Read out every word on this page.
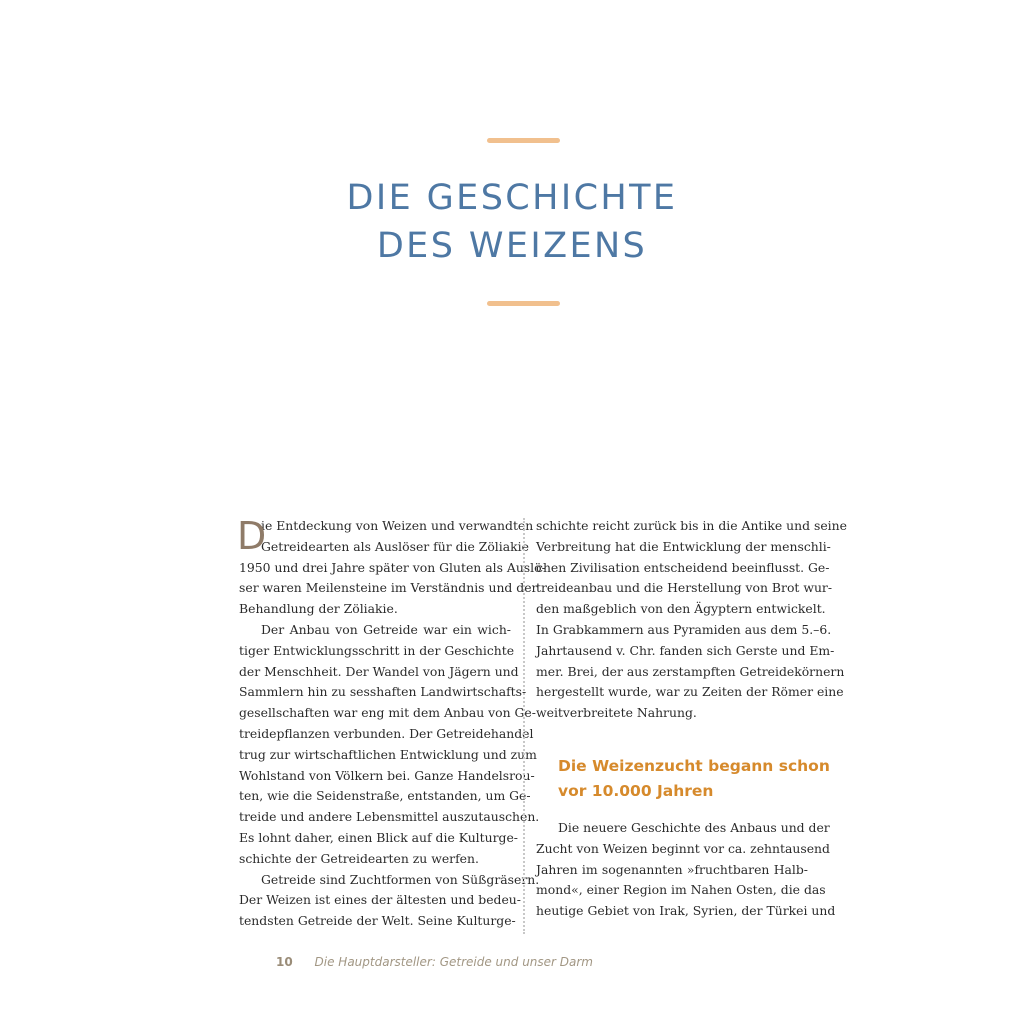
DIE GESCHICHTE
DES WEIZENS
D
ie Entdeckung von Weizen und verwandten
Getreidearten als Auslöser für die Zöliakie
1950 und drei Jahre später von Gluten als Auslö-
ser waren Meilensteine im Verständnis und der
Behandlung der Zöliakie.
Der Anbau von Getreide war ein wich-
tiger Entwicklungsschritt in der Geschichte
der Menschheit. Der Wandel von Jägern und
Sammlern hin zu sesshaften Landwirtschafts-
gesellschaften war eng mit dem Anbau von Ge-
treidepflanzen verbunden. Der Getreidehandel
trug zur wirtschaftlichen Entwicklung und zum
Wohlstand von Völkern bei. Ganze Handelsrou-
ten, wie die Seidenstraße, entstanden, um Ge-
treide und andere Lebensmittel auszutauschen.
Es lohnt daher, einen Blick auf die Kulturge-
schichte der Getreidearten zu werfen.
Getreide sind Zuchtformen von Süßgräsern.
Der Weizen ist eines der ältesten und bedeu-
tendsten Getreide der Welt. Seine Kulturge-
schichte reicht zurück bis in die Antike und seine
Verbreitung hat die Entwicklung der menschli-
chen Zivilisation entscheidend beeinflusst. Ge-
treideanbau und die Herstellung von Brot wur-
den maßgeblich von den Ägyptern entwickelt.
In Grabkammern aus Pyramiden aus dem 5.–6.
Jahrtausend v. Chr. fanden sich Gerste und Em-
mer. Brei, der aus zerstampften Getreidekörnern
hergestellt wurde, war zu Zeiten der Römer eine
weitverbreitete Nahrung.
Die Weizenzucht begann schon
vor 10.000 Jahren
Die neuere Geschichte des Anbaus und der
Zucht von Weizen beginnt vor ca. zehntausend
Jahren im sogenannten »fruchtbaren Halb-
mond«, einer Region im Nahen Osten, die das
heutige Gebiet von Irak, Syrien, der Türkei und
10 Die Hauptdarsteller: Getreide und unser Darm
